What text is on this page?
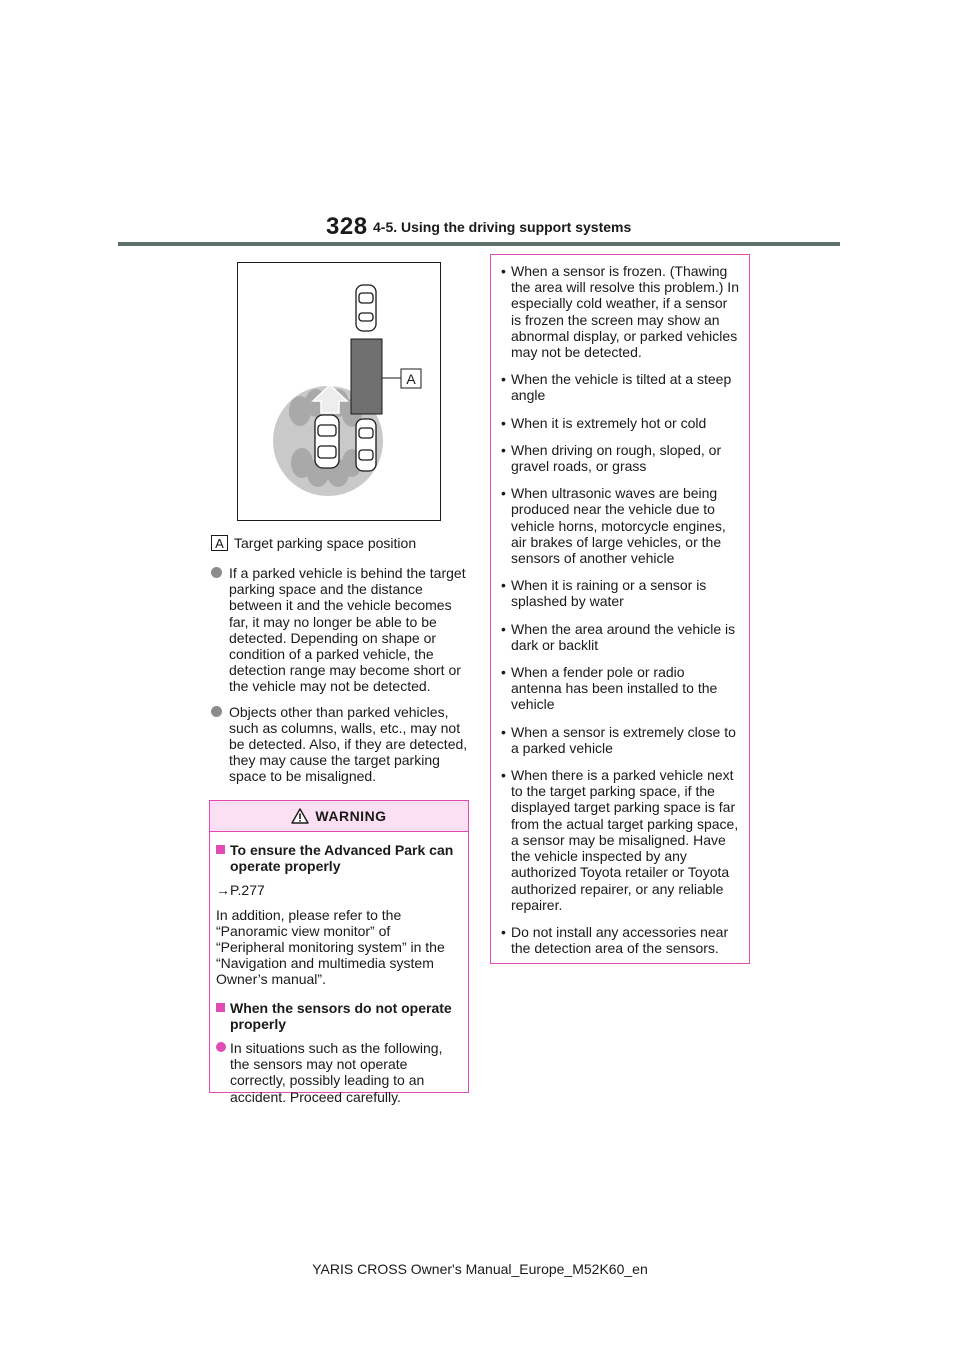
328 4-5. Using the driving support systems
A
A Target parking space position

If a parked vehicle is behind the target parking space and the distance between it and the vehicle becomes far, it may no longer be able to be detected. Depending on shape or condition of a parked vehicle, the detection range may become short or the vehicle may not be detected.

Objects other than parked vehicles, such as columns, walls, etc., may not be detected. Also, if they are detected, they may cause the target parking space to be misaligned.

WARNING
To ensure the Advanced Park can operate properly
→P.277
In addition, please refer to the “Panoramic view monitor” of “Peripheral monitoring system” in the “Navigation and multimedia system Owner’s manual”.
When the sensors do not operate properly
In situations such as the following, the sensors may not operate correctly, possibly leading to an accident. Proceed carefully.
• When a sensor is frozen. (Thawing the area will resolve this problem.) In especially cold weather, if a sensor is frozen the screen may show an abnormal display, or parked vehicles may not be detected.
• When the vehicle is tilted at a steep angle
• When it is extremely hot or cold
• When driving on rough, sloped, or gravel roads, or grass
• When ultrasonic waves are being produced near the vehicle due to vehicle horns, motorcycle engines, air brakes of large vehicles, or the sensors of another vehicle
• When it is raining or a sensor is splashed by water
• When the area around the vehicle is dark or backlit
• When a fender pole or radio antenna has been installed to the vehicle
• When a sensor is extremely close to a parked vehicle
• When there is a parked vehicle next to the target parking space, if the displayed target parking space is far from the actual target parking space, a sensor may be misaligned. Have the vehicle inspected by any authorized Toyota retailer or Toyota authorized repairer, or any reliable repairer.
• Do not install any accessories near the detection area of the sensors.
YARIS CROSS Owner's Manual_Europe_M52K60_en
